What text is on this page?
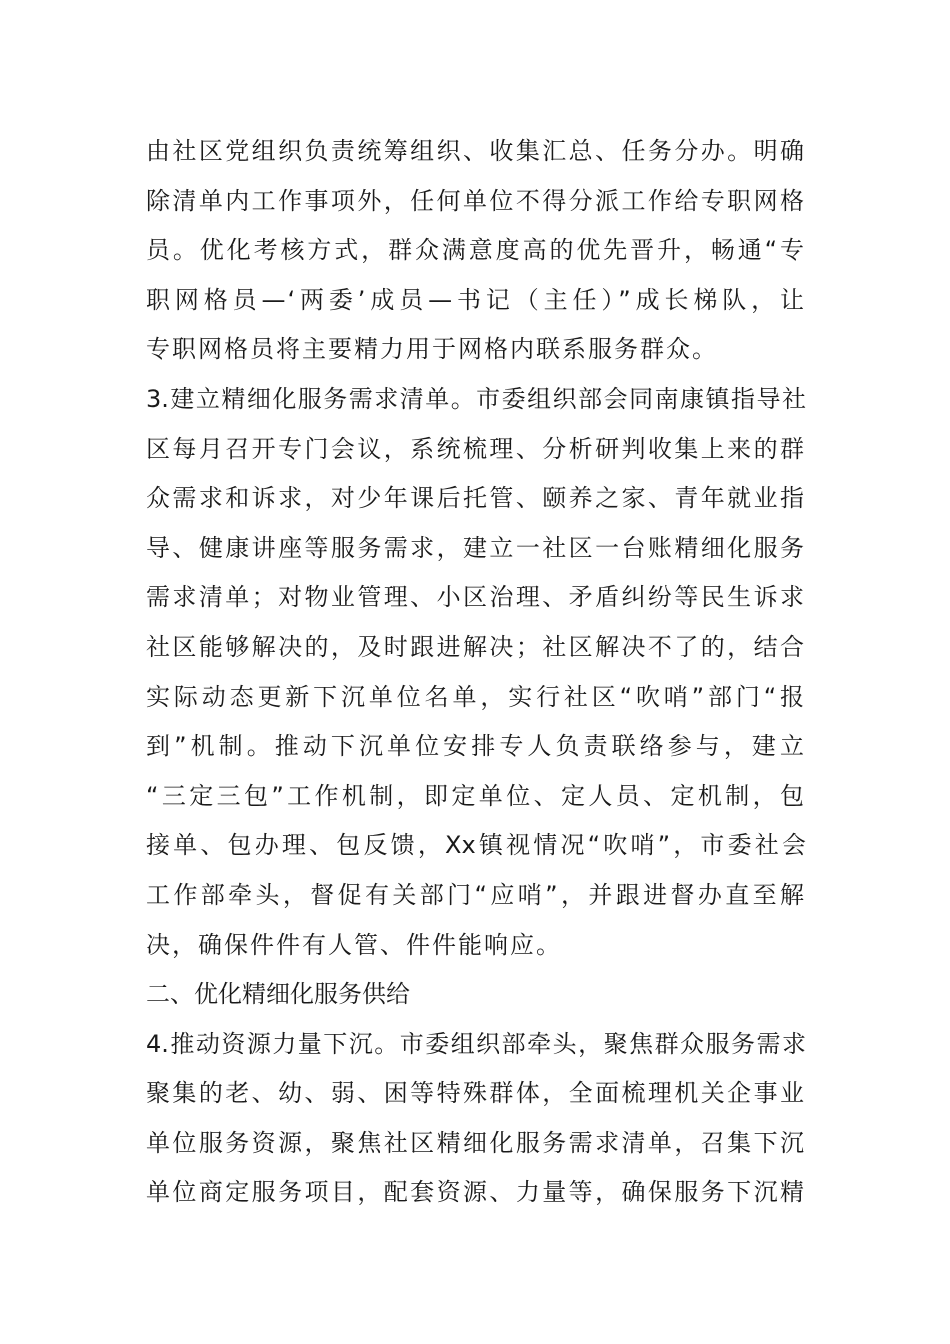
由社区党组织负责统筹组织、收集汇总、任务分办。明确
除清单内工作事项外，任何单位不得分派工作给专职网格
员。优化考核方式，群众满意度高的优先晋升，畅通“专
职网格员—‘两委’成员—书记（主任）”成长梯队，让
专职网格员将主要精力用于网格内联系服务群众。
3.建立精细化服务需求清单。市委组织部会同南康镇指导社
区每月召开专门会议，系统梳理、分析研判收集上来的群
众需求和诉求，对少年课后托管、颐养之家、青年就业指
导、健康讲座等服务需求，建立一社区一台账精细化服务
需求清单；对物业管理、小区治理、矛盾纠纷等民生诉求
社区能够解决的，及时跟进解决；社区解决不了的，结合
实际动态更新下沉单位名单，实行社区“吹哨”部门“报
到”机制。推动下沉单位安排专人负责联络参与，建立
“三定三包”工作机制，即定单位、定人员、定机制，包
接单、包办理、包反馈，Xx镇视情况“吹哨”，市委社会
工作部牵头，督促有关部门“应哨”，并跟进督办直至解
决，确保件件有人管、件件能响应。
二、优化精细化服务供给
4.推动资源力量下沉。市委组织部牵头，聚焦群众服务需求
聚集的老、幼、弱、困等特殊群体，全面梳理机关企事业
单位服务资源，聚焦社区精细化服务需求清单，召集下沉
单位商定服务项目，配套资源、力量等，确保服务下沉精
